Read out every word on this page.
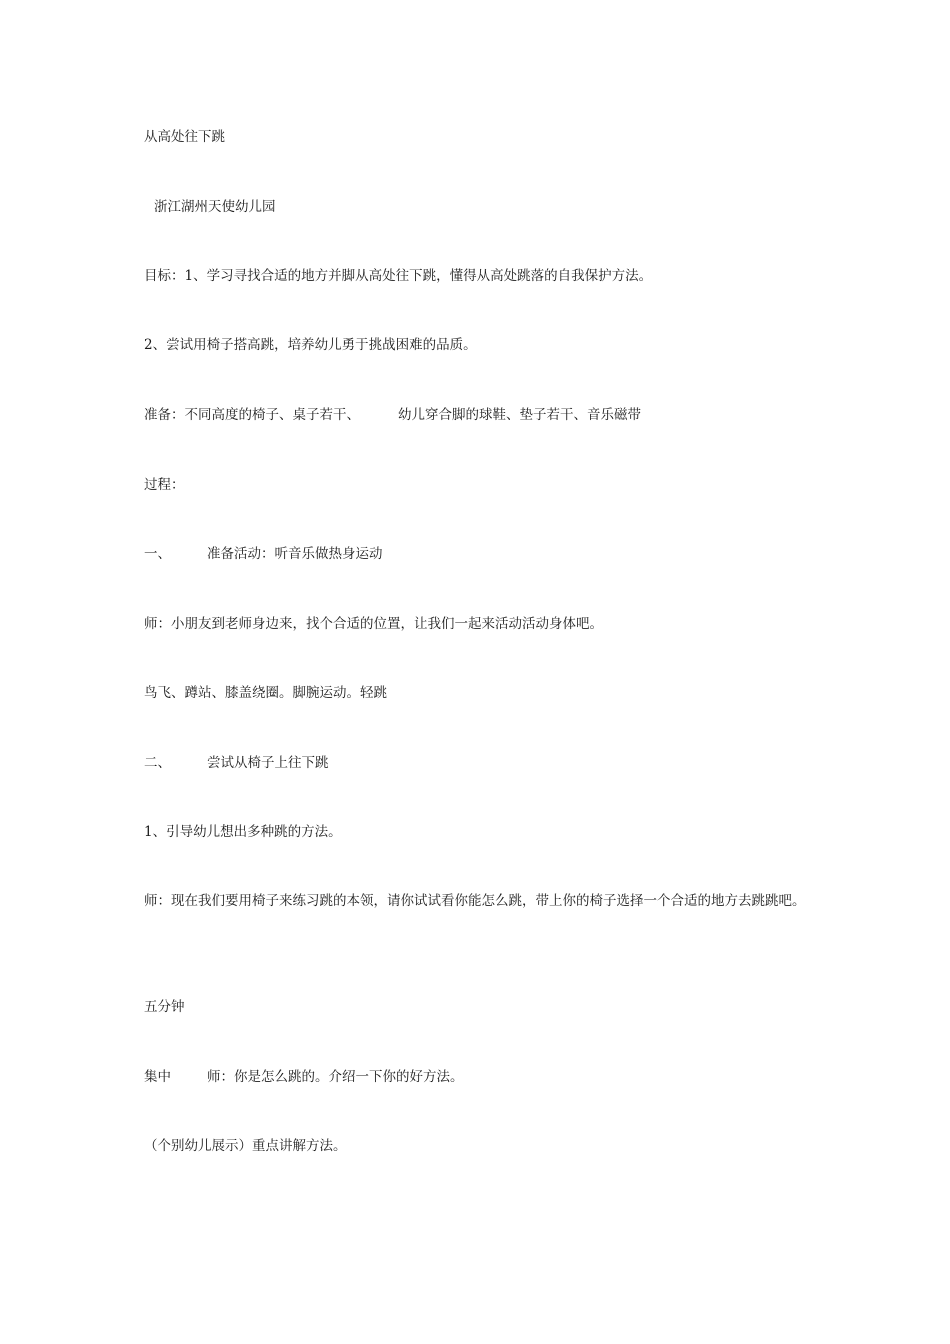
从高处往下跳
浙江湖州天使幼儿园
目标：1、学习寻找合适的地方并脚从高处往下跳，懂得从高处跳落的自我保护方法。
2、尝试用椅子搭高跳，培养幼儿勇于挑战困难的品质。
准备：不同高度的椅子、桌子若干、	幼儿穿合脚的球鞋、垫子若干、音乐磁带
过程：
一、	准备活动：听音乐做热身运动
师：小朋友到老师身边来，找个合适的位置，让我们一起来活动活动身体吧。
鸟飞、蹲站、膝盖绕圈。脚腕运动。轻跳
二、	尝试从椅子上往下跳
1、引导幼儿想出多种跳的方法。
师：现在我们要用椅子来练习跳的本领，请你试试看你能怎么跳，带上你的椅子选择一个合适的地方去跳跳吧。
五分钟
集中	师：你是怎么跳的。介绍一下你的好方法。
（个别幼儿展示）重点讲解方法。
